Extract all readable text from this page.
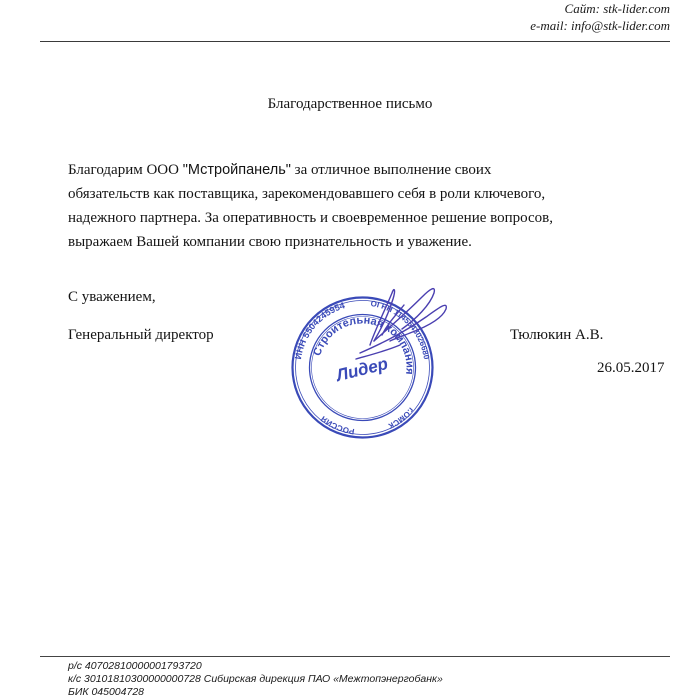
Сайт: stk-lider.com
e-mail: info@stk-lider.com
Благодарственное письмо
Благодарим ООО "Мстройпанель" за отличное выполнение своих
обязательств как поставщика, зарекомендовавшего себя в роли ключевого,
надежного партнера. За оперативность и своевременное решение вопросов,
выражаем Вашей компании свою признательность и уважение.
С уважением,
Генеральный директор	Тюлюкин А.В.
26.05.2017
ИНН 5504245954	ОГРН 1145543026680
г.ОМСК
РОССИЯ
Строительная компания
Лидер
р/с 40702810000001793720
к/с 30101810300000000728 Сибирская дирекция ПАО «Межтопэнергобанк»
БИК 045004728
